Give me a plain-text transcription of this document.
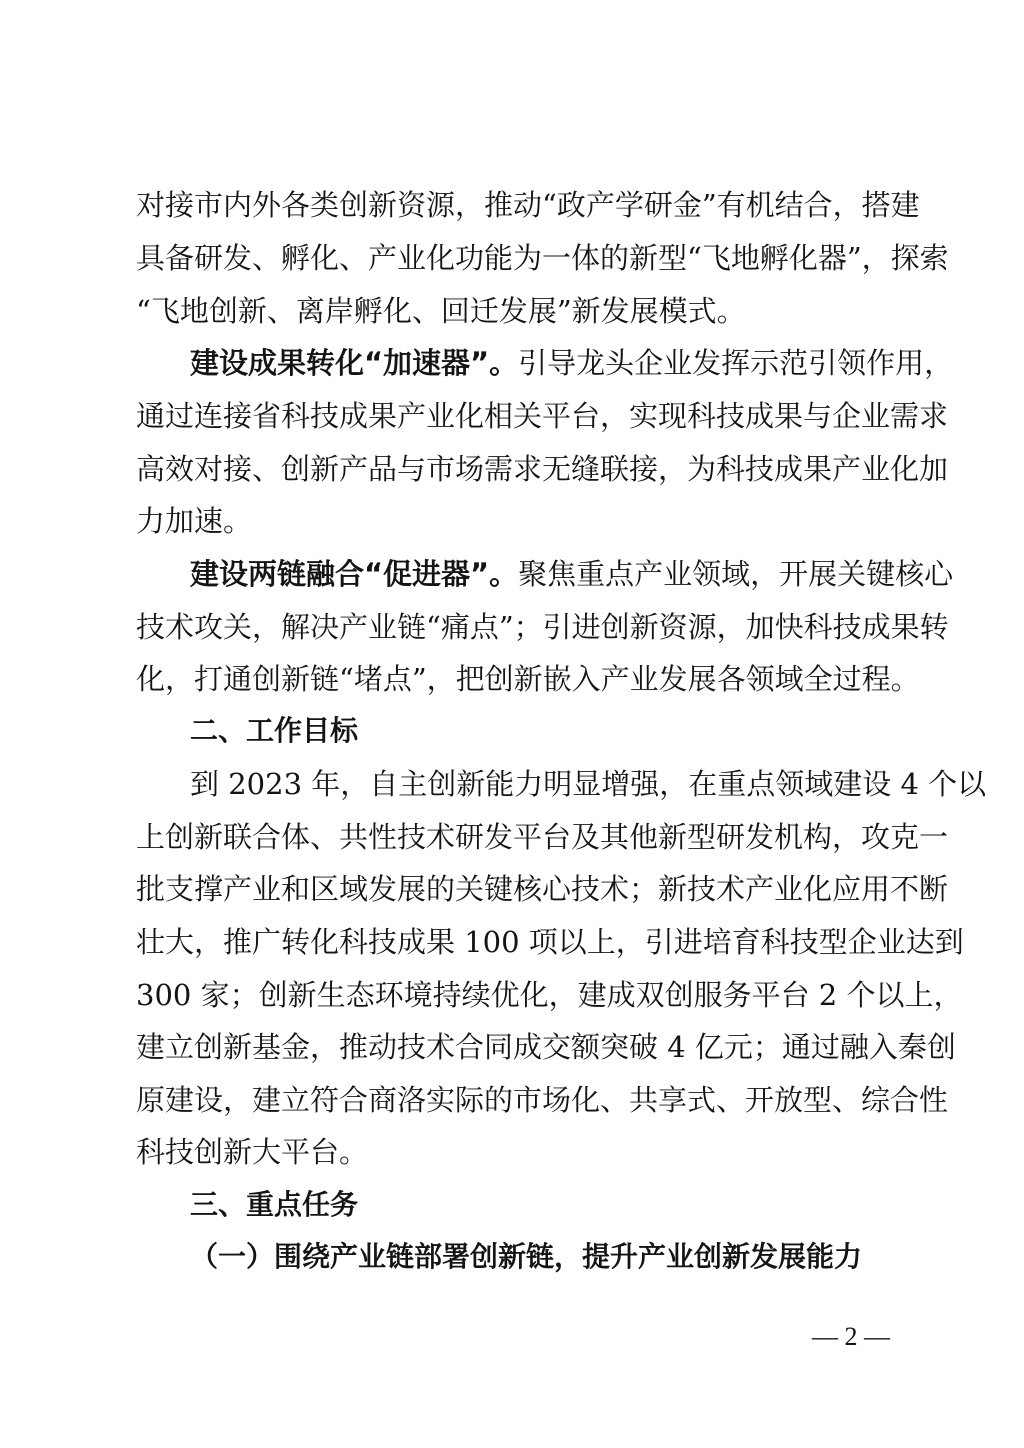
对接市内外各类创新资源，推动“政产学研金”有机结合，搭建
具备研发、孵化、产业化功能为一体的新型“飞地孵化器”，探索
“飞地创新、离岸孵化、回迁发展”新发展模式。
建设成果转化“加速器”。引导龙头企业发挥示范引领作用，
通过连接省科技成果产业化相关平台，实现科技成果与企业需求
高效对接、创新产品与市场需求无缝联接，为科技成果产业化加
力加速。
建设两链融合“促进器”。聚焦重点产业领域，开展关键核心
技术攻关，解决产业链“痛点”；引进创新资源，加快科技成果转
化，打通创新链“堵点”，把创新嵌入产业发展各领域全过程。
二、工作目标
到 2023 年，自主创新能力明显增强，在重点领域建设 4 个以
上创新联合体、共性技术研发平台及其他新型研发机构，攻克一
批支撑产业和区域发展的关键核心技术；新技术产业化应用不断
壮大，推广转化科技成果 100 项以上，引进培育科技型企业达到
300 家；创新生态环境持续优化，建成双创服务平台 2 个以上，
建立创新基金，推动技术合同成交额突破 4 亿元；通过融入秦创
原建设，建立符合商洛实际的市场化、共享式、开放型、综合性
科技创新大平台。
三、重点任务
（一）围绕产业链部署创新链，提升产业创新发展能力
— 2 —
